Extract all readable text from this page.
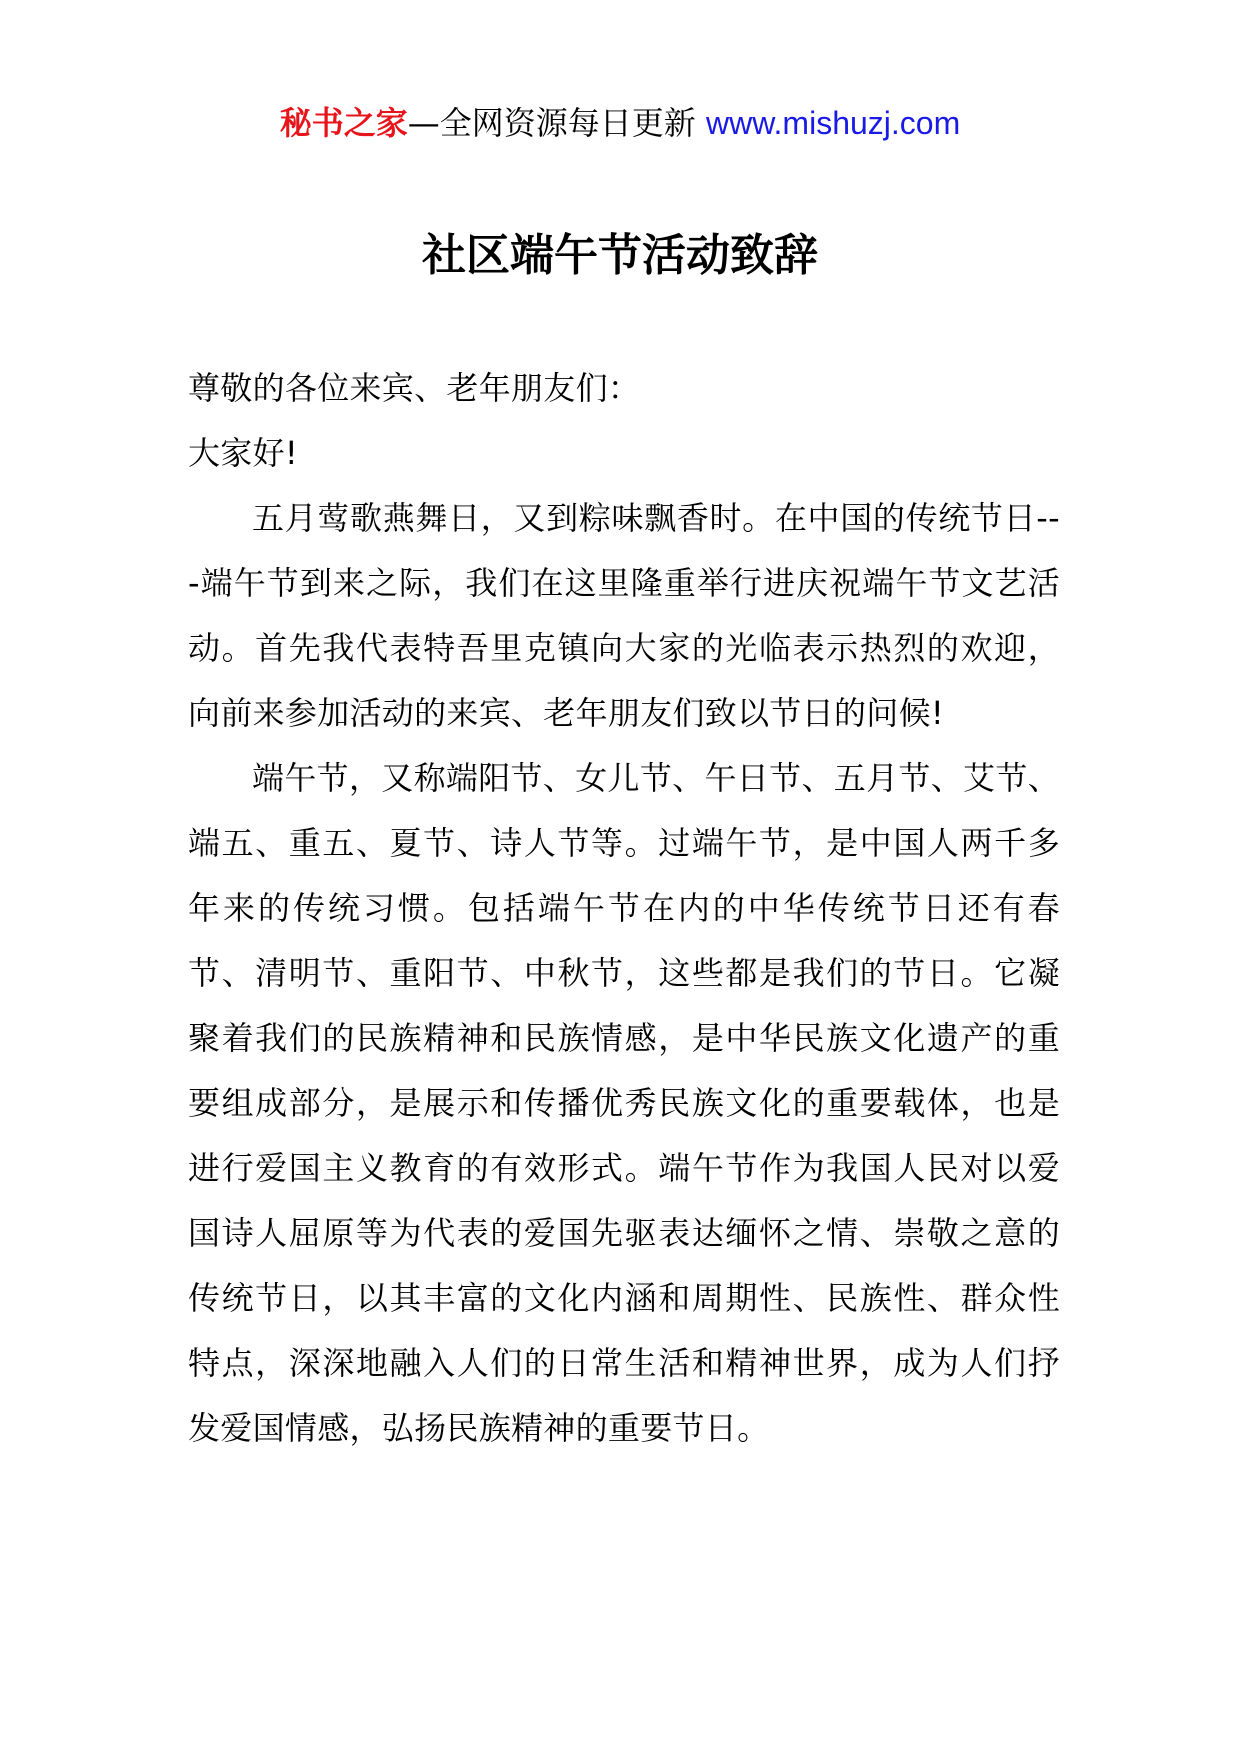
秘书之家—全网资源每日更新 www.mishuzj.com
社区端午节活动致辞

尊敬的各位来宾、老年朋友们：

大家好!

五月莺歌燕舞日，又到粽味飘香时。在中国的传统节日---端午节到来之际，我们在这里隆重举行进庆祝端午节文艺活动。首先我代表特吾里克镇向大家的光临表示热烈的欢迎，向前来参加活动的来宾、老年朋友们致以节日的问候!

端午节，又称端阳节、女儿节、午日节、五月节、艾节、端五、重五、夏节、诗人节等。过端午节，是中国人两千多年来的传统习惯。包括端午节在内的中华传统节日还有春节、清明节、重阳节、中秋节，这些都是我们的节日。它凝聚着我们的民族精神和民族情感，是中华民族文化遗产的重要组成部分，是展示和传播优秀民族文化的重要载体，也是进行爱国主义教育的有效形式。端午节作为我国人民对以爱国诗人屈原等为代表的爱国先驱表达缅怀之情、崇敬之意的传统节日，以其丰富的文化内涵和周期性、民族性、群众性特点，深深地融入人们的日常生活和精神世界，成为人们抒发爱国情感，弘扬民族精神的重要节日。
